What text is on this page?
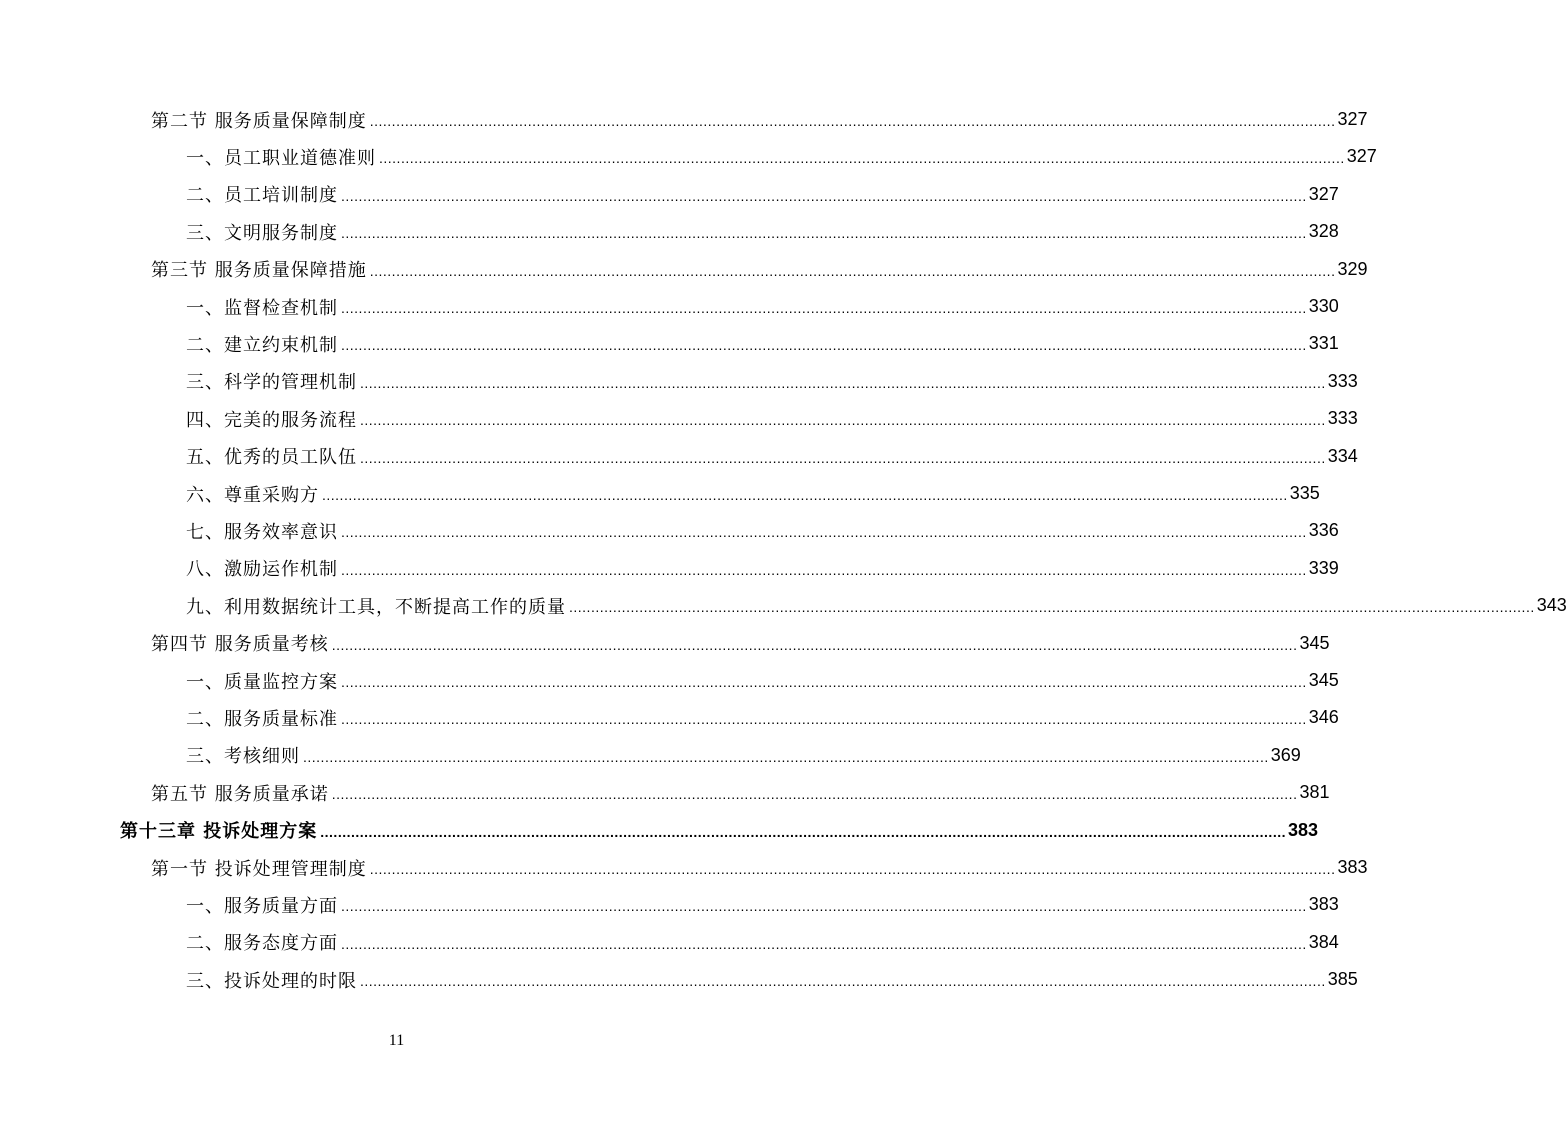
第二节 服务质量保障制度 ............................................................................................................................................................................................................................ 327
一、员工职业道德准则 ............................................................................................................................................................................................................................ 327
二、员工培训制度 ............................................................................................................................................................................................................................ 327
三、文明服务制度 ............................................................................................................................................................................................................................ 328
第三节 服务质量保障措施 ............................................................................................................................................................................................................................ 329
一、监督检查机制 ............................................................................................................................................................................................................................ 330
二、建立约束机制 ............................................................................................................................................................................................................................ 331
三、科学的管理机制 ............................................................................................................................................................................................................................ 333
四、完美的服务流程 ............................................................................................................................................................................................................................ 333
五、优秀的员工队伍 ............................................................................................................................................................................................................................ 334
六、尊重采购方 ............................................................................................................................................................................................................................ 335
七、服务效率意识 ............................................................................................................................................................................................................................ 336
八、激励运作机制 ............................................................................................................................................................................................................................ 339
九、利用数据统计工具，不断提高工作的质量 ............................................................................................................................................................................................................................ 343
第四节 服务质量考核 ............................................................................................................................................................................................................................ 345
一、质量监控方案 ............................................................................................................................................................................................................................ 345
二、服务质量标准 ............................................................................................................................................................................................................................ 346
三、考核细则 ............................................................................................................................................................................................................................ 369
第五节 服务质量承诺 ............................................................................................................................................................................................................................ 381
第十三章 投诉处理方案 ............................................................................................................................................................................................................................ 383
第一节 投诉处理管理制度 ............................................................................................................................................................................................................................ 383
一、服务质量方面 ............................................................................................................................................................................................................................ 383
二、服务态度方面 ............................................................................................................................................................................................................................ 384
三、投诉处理的时限 ............................................................................................................................................................................................................................ 385
11
